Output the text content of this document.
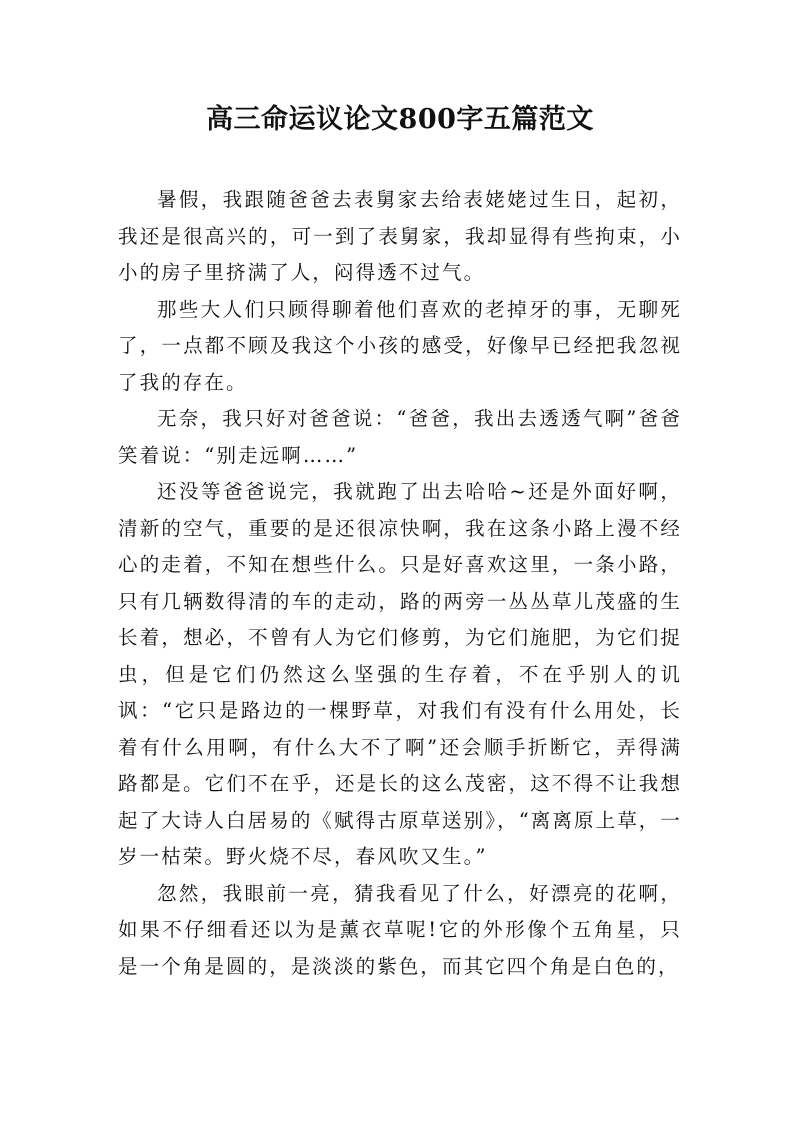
高三命运议论文800字五篇范文

暑假，我跟随爸爸去表舅家去给表姥姥过生日，起初，我还是很高兴的，可一到了表舅家，我却显得有些拘束，小小的房子里挤满了人，闷得透不过气。

那些大人们只顾得聊着他们喜欢的老掉牙的事，无聊死了，一点都不顾及我这个小孩的感受，好像早已经把我忽视了我的存在。

无奈，我只好对爸爸说：“爸爸，我出去透透气啊”爸爸笑着说：“别走远啊……”

还没等爸爸说完，我就跑了出去哈哈~还是外面好啊，清新的空气，重要的是还很凉快啊，我在这条小路上漫不经心的走着，不知在想些什么。只是好喜欢这里，一条小路，只有几辆数得清的车的走动，路的两旁一丛丛草儿茂盛的生长着，想必，不曾有人为它们修剪，为它们施肥，为它们捉虫，但是它们仍然这么坚强的生存着，不在乎别人的讥讽：“它只是路边的一棵野草，对我们有没有什么用处，长着有什么用啊，有什么大不了啊”还会顺手折断它，弄得满路都是。它们不在乎，还是长的这么茂密，这不得不让我想起了大诗人白居易的《赋得古原草送别》，“离离原上草，一岁一枯荣。野火烧不尽，春风吹又生。”

忽然，我眼前一亮，猜我看见了什么，好漂亮的花啊，如果不仔细看还以为是薰衣草呢!它的外形像个五角星，只是一个角是圆的，是淡淡的紫色，而其它四个角是白色的，
